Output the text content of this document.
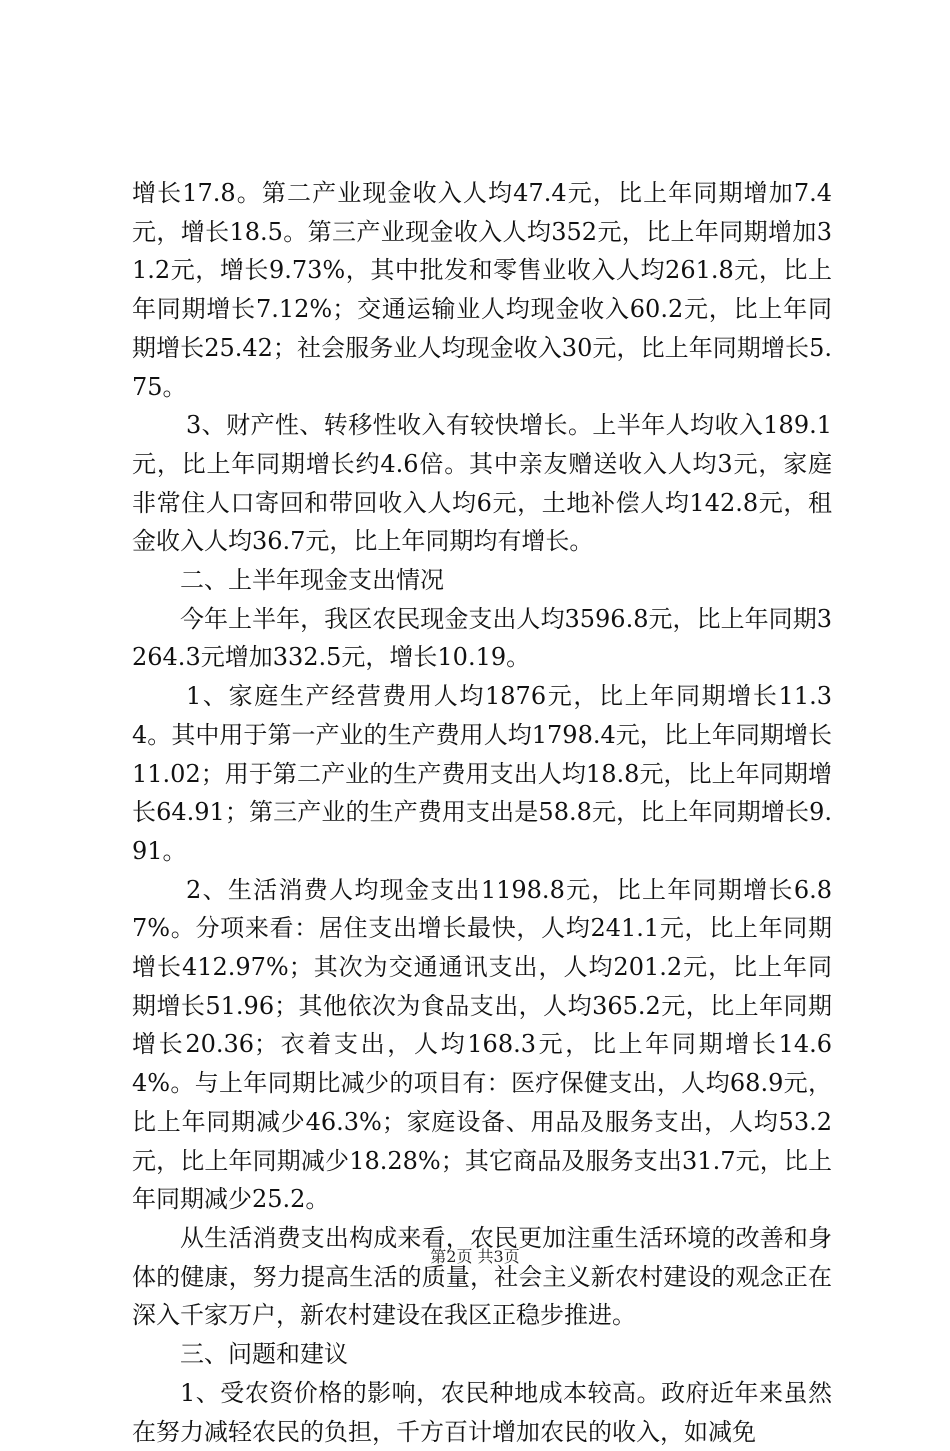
增长17.8。第二产业现金收入人均47.4元，比上年同期增加7.4元，增长18.5。第三产业现金收入人均352元，比上年同期增加31.2元，增长9.73%，其中批发和零售业收入人均261.8元，比上年同期增长7.12%；交通运输业人均现金收入60.2元，比上年同期增长25.42；社会服务业人均现金收入30元，比上年同期增长5.75。

3、财产性、转移性收入有较快增长。上半年人均收入189.1元，比上年同期增长约4.6倍。其中亲友赠送收入人均3元，家庭非常住人口寄回和带回收入人均6元，土地补偿人均142.8元，租金收入人均36.7元，比上年同期均有增长。

二、上半年现金支出情况

今年上半年，我区农民现金支出人均3596.8元，比上年同期3264.3元增加332.5元，增长10.19。

1、家庭生产经营费用人均1876元，比上年同期增长11.34。其中用于第一产业的生产费用人均1798.4元，比上年同期增长11.02；用于第二产业的生产费用支出人均18.8元，比上年同期增长64.91；第三产业的生产费用支出是58.8元，比上年同期增长9.91。

2、生活消费人均现金支出1198.8元，比上年同期增长6.87%。分项来看：居住支出增长最快，人均241.1元，比上年同期增长412.97%；其次为交通通讯支出，人均201.2元，比上年同期增长51.96；其他依次为食品支出，人均365.2元，比上年同期增长20.36；衣着支出，人均168.3元，比上年同期增长14.64%。与上年同期比减少的项目有：医疗保健支出，人均68.9元，比上年同期减少46.3%；家庭设备、用品及服务支出，人均53.2元，比上年同期减少18.28%；其它商品及服务支出31.7元，比上年同期减少25.2。

从生活消费支出构成来看，农民更加注重生活环境的改善和身体的健康，努力提高生活的质量，社会主义新农村建设的观念正在深入千家万户，新农村建设在我区正稳步推进。

三、问题和建议

1、受农资价格的影响，农民种地成本较高。政府近年来虽然在努力减轻农民的负担，千方百计增加农民的收入，如减免

第2页 共3页
